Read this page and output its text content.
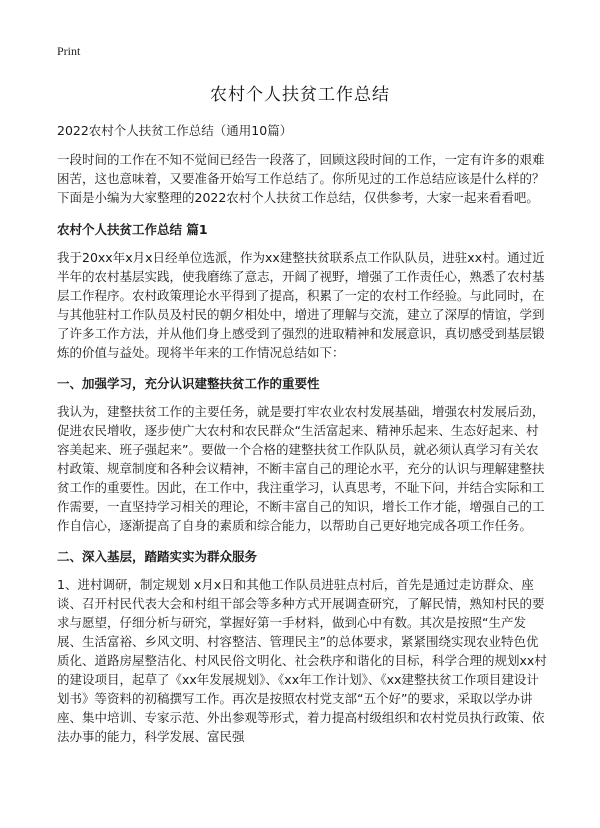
Print
农村个人扶贫工作总结

2022农村个人扶贫工作总结（通用10篇）

一段时间的工作在不知不觉间已经告一段落了，回顾这段时间的工作，一定有许多的艰难困苦，这也意味着，又要准备开始写工作总结了。你所见过的工作总结应该是什么样的？下面是小编为大家整理的2022农村个人扶贫工作总结，仅供参考，大家一起来看看吧。

农村个人扶贫工作总结 篇1

我于20xx年x月x日经单位选派，作为xx建整扶贫联系点工作队队员，进驻xx村。通过近半年的农村基层实践，使我磨练了意志，开阔了视野，增强了工作责任心，熟悉了农村基层工作程序。农村政策理论水平得到了提高，积累了一定的农村工作经验。与此同时，在与其他驻村工作队员及村民的朝夕相处中，增进了理解与交流，建立了深厚的情谊，学到了许多工作方法，并从他们身上感受到了强烈的进取精神和发展意识，真切感受到基层锻炼的价值与益处。现将半年来的工作情况总结如下：

一、加强学习，充分认识建整扶贫工作的重要性

我认为，建整扶贫工作的主要任务，就是要打牢农业农村发展基础，增强农村发展后劲，促进农民增收，逐步使广大农村和农民群众“生活富起来、精神乐起来、生态好起来、村容美起来、班子强起来”。要做一个合格的建整扶贫工作队队员，就必须认真学习有关农村政策、规章制度和各种会议精神，不断丰富自己的理论水平，充分的认识与理解建整扶贫工作的重要性。因此，在工作中，我注重学习，认真思考，不耻下问，并结合实际和工作需要，一直坚持学习相关的理论，不断丰富自己的知识，增长工作才能，增强自己的工作自信心，逐渐提高了自身的素质和综合能力，以帮助自己更好地完成各项工作任务。

二、深入基层，踏踏实实为群众服务

1、进村调研，制定规划 x月x日和其他工作队员进驻点村后，首先是通过走访群众、座谈、召开村民代表大会和村组干部会等多种方式开展调查研究，了解民情，熟知村民的要求与愿望，仔细分析与研究，掌握好第一手材料，做到心中有数。其次是按照“生产发展、生活富裕、乡风文明、村容整洁、管理民主”的总体要求，紧紧围绕实现农业特色优质化、道路房屋整洁化、村风民俗文明化、社会秩序和谐化的目标，科学合理的规划xx村的建设项目，起草了《xx年发展规划》、《xx年工作计划》、《xx建整扶贫工作项目建设计划书》等资料的初稿撰写工作。再次是按照农村党支部“五个好”的要求，采取以学办讲座、集中培训、专家示范、外出参观等形式，着力提高村级组织和农村党员执行政策、依法办事的能力，科学发展、富民强
